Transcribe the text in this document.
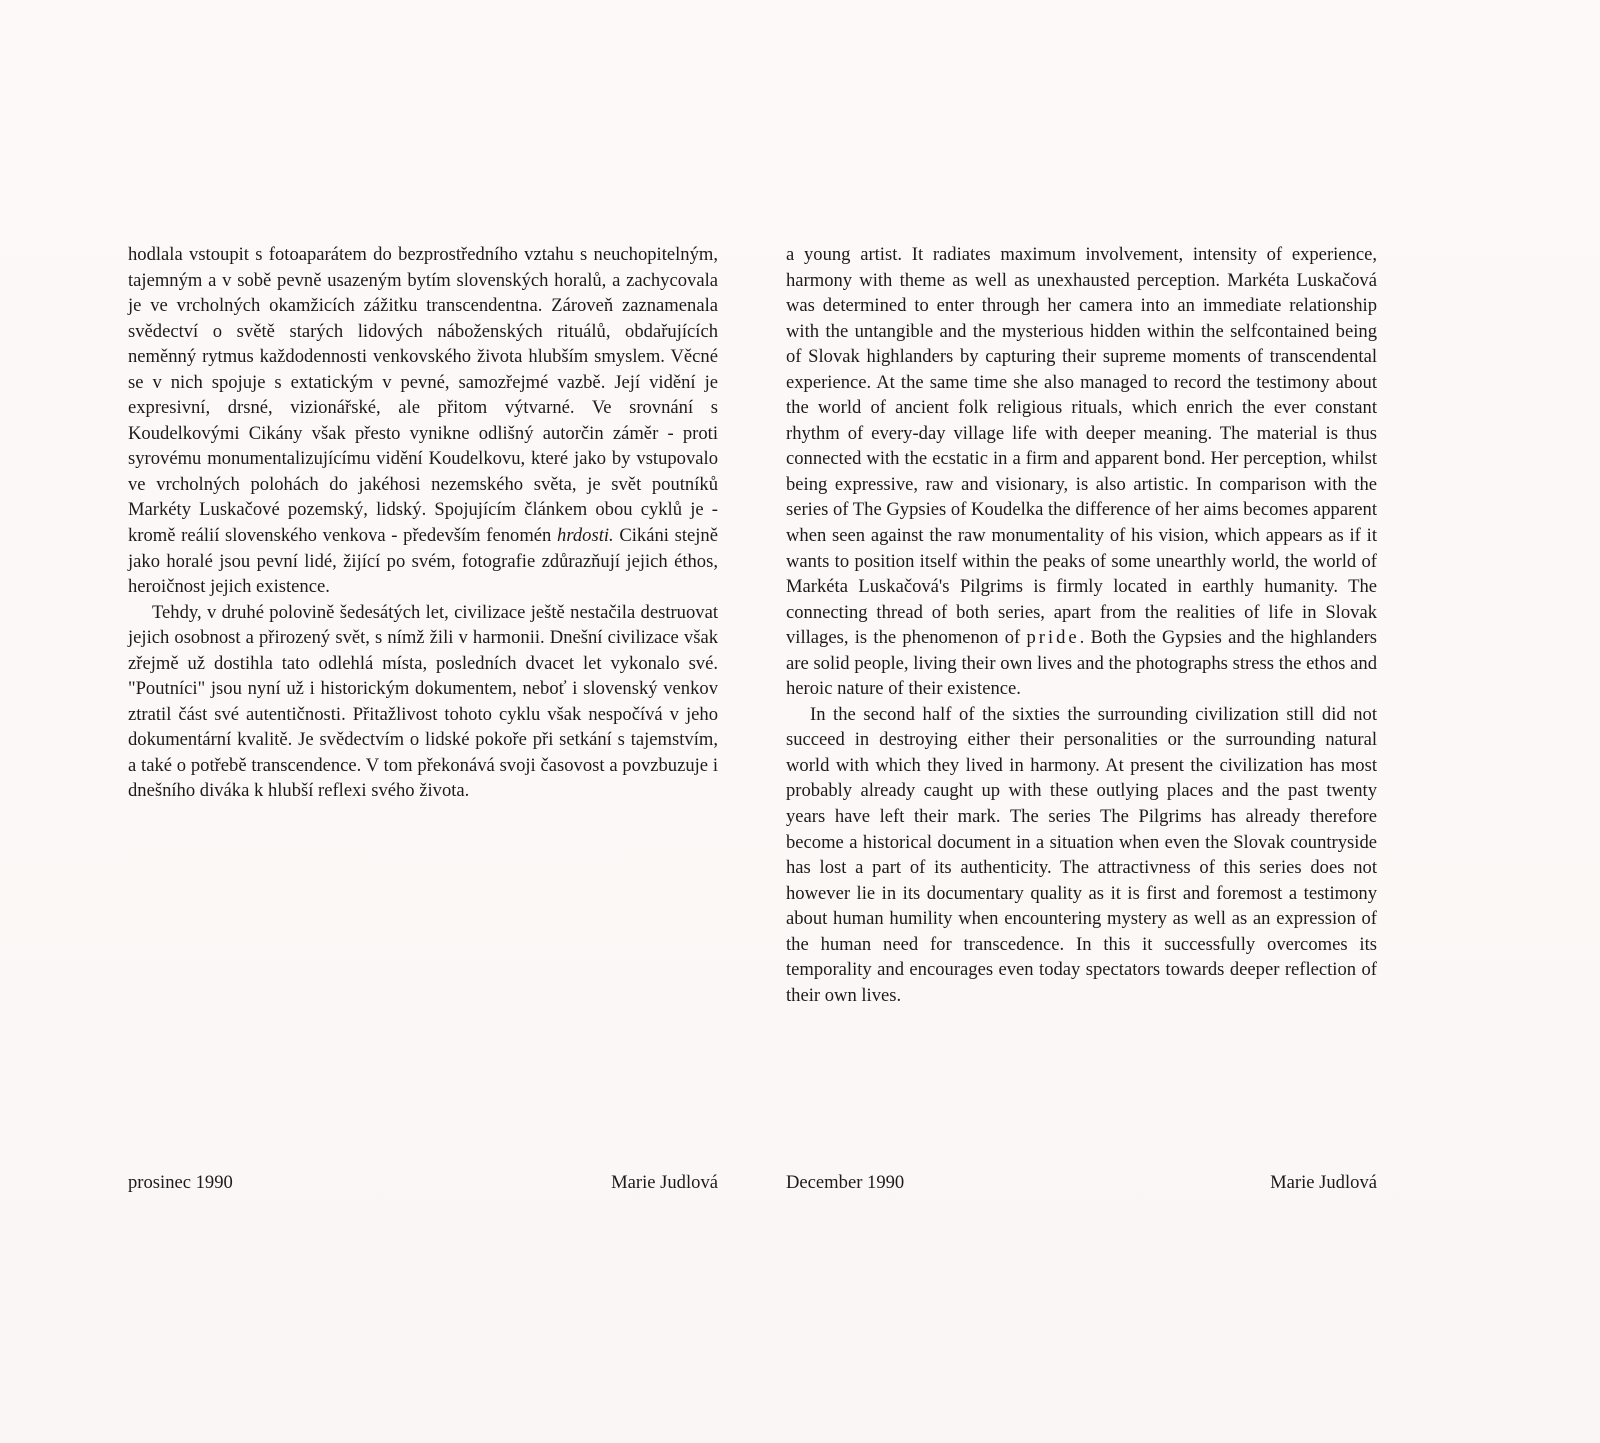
hodlala vstoupit s fotoaparátem do bezprostředního vztahu s neuchopitelným, tajemným a v sobě pevně usazeným bytím slovenských horalů, a zachycovala je ve vrcholných okamžicích zážitku transcendentna. Zároveň zaznamenala svědectví o světě starých lidových náboženských rituálů, obdařujících neměnný rytmus každodennosti venkovského života hlubším smyslem. Věcné se v nich spojuje s extatickým v pevné, samozřejmé vazbě. Její vidění je expresivní, drsné, vizionářské, ale přitom výtvarné. Ve srovnání s Koudelkovými Cikány však přesto vynikne odlišný autorčin záměr - proti syrovému monumentalizujícímu vidění Koudelkovu, které jako by vstupovalo ve vrcholných polohách do jakéhosi nezemského světa, je svět poutníků Markéty Luskačové pozemský, lidský. Spojujícím článkem obou cyklů je - kromě reálií slovenského venkova - především fenomén hrdosti. Cikáni stejně jako horalé jsou pevní lidé, žijící po svém, fotografie zdůrazňují jejich éthos, heroičnost jejich existence.

Tehdy, v druhé polovině šedesátých let, civilizace ještě nestačila destruovat jejich osobnost a přirozený svět, s nímž žili v harmonii. Dnešní civilizace však zřejmě už dostihla tato odlehlá místa, posledních dvacet let vykonalo své. "Poutníci" jsou nyní už i historickým dokumentem, neboť i slovenský venkov ztratil část své autentičnosti. Přitažlivost tohoto cyklu však nespočívá v jeho dokumentární kvalitě. Je svědectvím o lidské pokoře při setkání s tajemstvím, a také o potřebě transcendence. V tom překonává svoji časovost a povzbuzuje i dnešního diváka k hlubší reflexi svého života.

a young artist. It radiates maximum involvement, intensity of experience, harmony with theme as well as unexhausted perception. Markéta Luskačová was determined to enter through her camera into an immediate relationship with the untangible and the mysterious hidden within the selfcontained being of Slovak highlanders by capturing their supreme moments of transcendental experience. At the same time she also managed to record the testimony about the world of ancient folk religious rituals, which enrich the ever constant rhythm of every-day village life with deeper meaning. The material is thus connected with the ecstatic in a firm and apparent bond. Her perception, whilst being expressive, raw and visionary, is also artistic. In comparison with the series of The Gypsies of Koudelka the difference of her aims becomes apparent when seen against the raw monumentality of his vision, which appears as if it wants to position itself within the peaks of some unearthly world, the world of Markéta Luskačová's Pilgrims is firmly located in earthly humanity. The connecting thread of both series, apart from the realities of life in Slovak villages, is the phenomenon of pride. Both the Gypsies and the highlanders are solid people, living their own lives and the photographs stress the ethos and heroic nature of their existence.

In the second half of the sixties the surrounding civilization still did not succeed in destroying either their personalities or the surrounding natural world with which they lived in harmony. At present the civilization has most probably already caught up with these outlying places and the past twenty years have left their mark. The series The Pilgrims has already therefore become a historical document in a situation when even the Slovak countryside has lost a part of its authenticity. The attractivness of this series does not however lie in its documentary quality as it is first and foremost a testimony about human humility when encountering mystery as well as an expression of the human need for transcedence. In this it successfully overcomes its temporality and encourages even today spectators towards deeper reflection of their own lives.

prosinec 1990	Marie Judlová	December 1990	Marie Judlová
